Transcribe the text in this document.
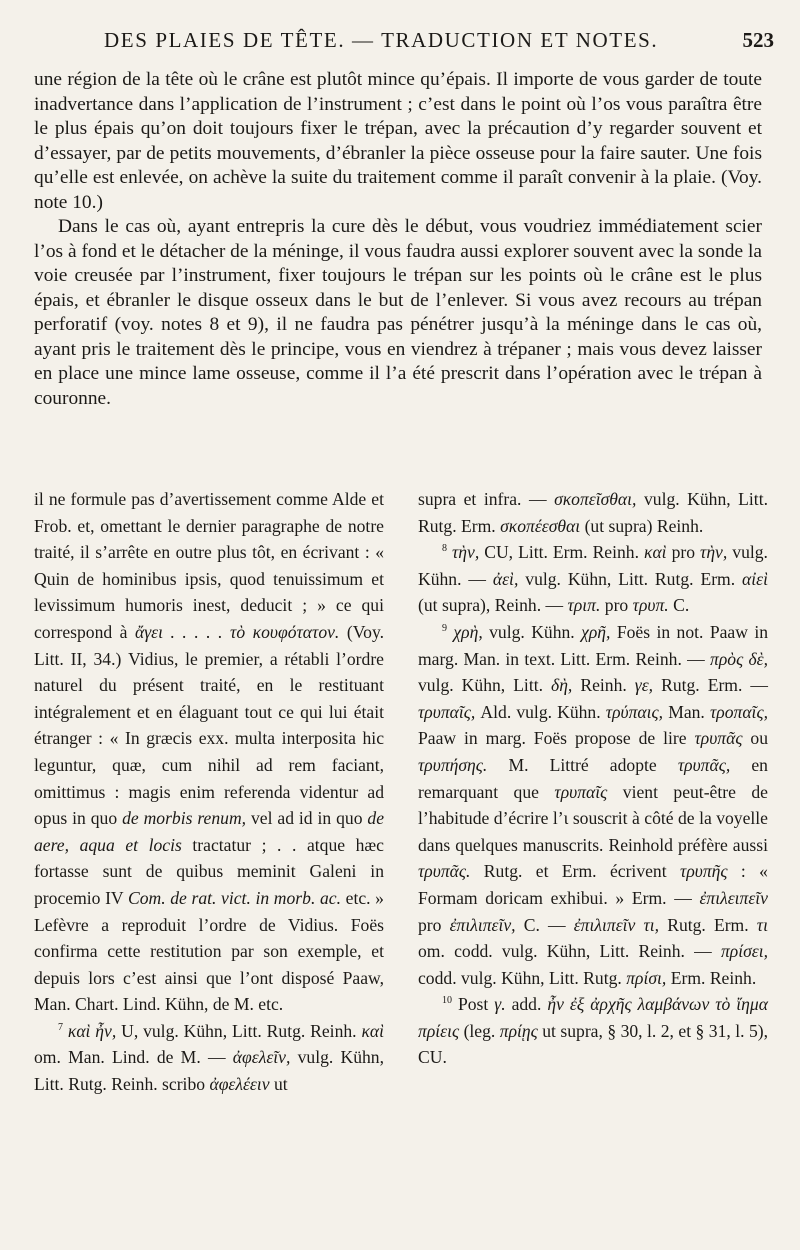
DES PLAIES DE TÊTE. — TRADUCTION ET NOTES.	523

une région de la tête où le crâne est plutôt mince qu’épais. Il importe de vous garder de toute inadvertance dans l’application de l’instrument ; c’est dans le point où l’os vous paraîtra être le plus épais qu’on doit toujours fixer le trépan, avec la précaution d’y regarder souvent et d’essayer, par de petits mouvements, d’ébranler la pièce osseuse pour la faire sauter. Une fois qu’elle est enlevée, on achève la suite du traitement comme il paraît convenir à la plaie. (Voy. note 10.)

Dans le cas où, ayant entrepris la cure dès le début, vous voudriez immédiatement scier l’os à fond et le détacher de la méninge, il vous faudra aussi explorer souvent avec la sonde la voie creusée par l’instrument, fixer toujours le trépan sur les points où le crâne est le plus épais, et ébranler le disque osseux dans le but de l’enlever. Si vous avez recours au trépan perforatif (voy. notes 8 et 9), il ne faudra pas pénétrer jusqu’à la méninge dans le cas où, ayant pris le traitement dès le principe, vous en viendrez à trépaner ; mais vous devez laisser en place une mince lame osseuse, comme il l’a été prescrit dans l’opération avec le trépan à couronne.

il ne formule pas d’avertissement comme Alde et Frob. et, omettant le dernier paragraphe de notre traité, il s’arrête en outre plus tôt, en écrivant : « Quin de hominibus ipsis, quod tenuissimum et levissimum humoris inest, deducit ; » ce qui correspond à ἄγει . . . . . τὸ κουφότατον. (Voy. Litt. II, 34.) Vidius, le premier, a rétabli l’ordre naturel du présent traité, en le restituant intégralement et en élaguant tout ce qui lui était étranger : « In græcis exx. multa interposita hic leguntur, quæ, cum nihil ad rem faciant, omittimus : magis enim referenda videntur ad opus in quo de morbis renum, vel ad id in quo de aere, aqua et locis tractatur ; . . atque hæc fortasse sunt de quibus meminit Galeni in procemio IV Com. de rat. vict. in morb. ac. etc. » Lefèvre a reproduit l’ordre de Vidius. Foës confirma cette restitution par son exemple, et depuis lors c’est ainsi que l’ont disposé Paaw, Man. Chart. Lind. Kühn, de M. etc.

$^7$ καὶ ἦν, U, vulg. Kühn, Litt. Rutg. Reinh. καὶ om. Man. Lind. de M. — ἀφελεῖν, vulg. Kühn, Litt. Rutg. Reinh. scribo ἀφελέειν ut

supra et infra. — σκοπεῖσθαι, vulg. Kühn, Litt. Rutg. Erm. σκοπέεσθαι (ut supra) Reinh.

$^8$ τὴν, CU, Litt. Erm. Reinh. καὶ pro τὴν, vulg. Kühn. — ἀεὶ, vulg. Kühn, Litt. Rutg. Erm. αἰεὶ (ut supra), Reinh. — τριπ. pro τρυπ. C.

$^9$ χρὴ, vulg. Kühn. χρῆ, Foës in not. Paaw in marg. Man. in text. Litt. Erm. Reinh. — πρὸς δὲ, vulg. Kühn, Litt. δὴ, Reinh. γε, Rutg. Erm. — τρυπαῖς, Ald. vulg. Kühn. τρύπαις, Man. τροπαῖς, Paaw in marg. Foës propose de lire τρυπᾶς ou τρυπήσης. M. Littré adopte τρυπᾶς, en remarquant que τρυπαῖς vient peut-être de l’habitude d’écrire l’ι souscrit à côté de la voyelle dans quelques manuscrits. Reinhold préfère aussi τρυπᾶς. Rutg. et Erm. écrivent τρυπῆς : « Formam doricam exhibui. » Erm. — ἐπιλειπεῖν pro ἐπιλιπεῖν, C. — ἐπιλιπεῖν τι, Rutg. Erm. τι om. codd. vulg. Kühn, Litt. Reinh. — πρίσει, codd. vulg. Kühn, Litt. Rutg. πρίσι, Erm. Reinh.

$^{10}$ Post γ. add. ἦν ἐξ ἀρχῆς λαμβάνων τὸ ἴημα πρίεις (leg. πρίῃς ut supra, § 30, l. 2, et § 31, l. 5), CU.
